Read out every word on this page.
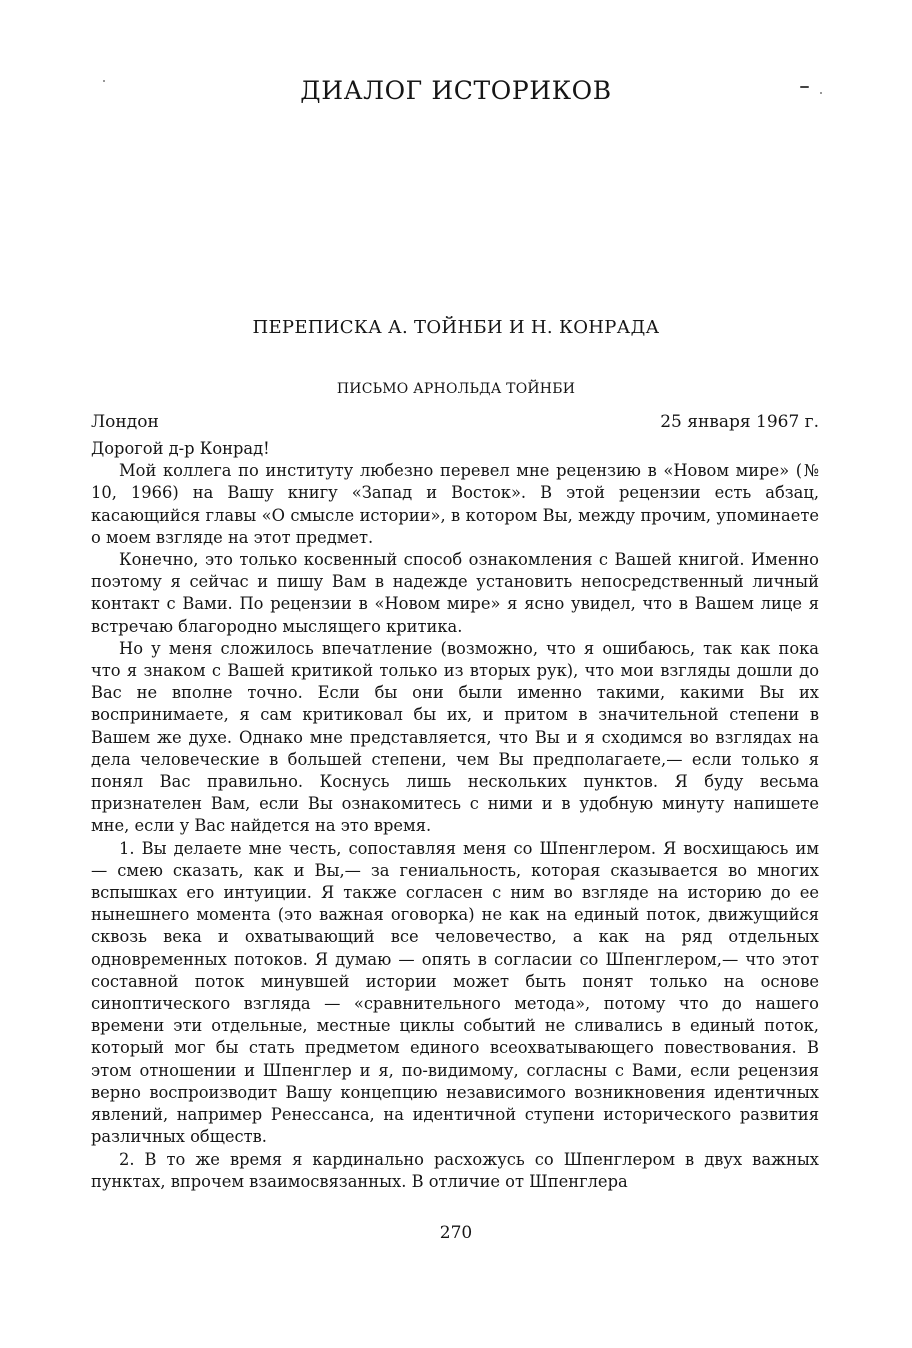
ДИАЛОГ ИСТОРИКОВ
ПЕРЕПИСКА А. ТОЙНБИ И Н. КОНРАДА
ПИСЬМО АРНОЛЬДА ТОЙНБИ
Лондон	25 января 1967 г.

Дорогой д-р Конрад!

Мой коллега по институту любезно перевел мне рецензию в «Новом мире» (№ 10, 1966) на Вашу книгу «Запад и Восток». В этой рецензии есть абзац, касающийся главы «О смысле истории», в котором Вы, между прочим, упоминаете о моем взгляде на этот предмет.

Конечно, это только косвенный способ ознакомления с Вашей книгой. Именно поэтому я сейчас и пишу Вам в надежде установить непосредственный личный контакт с Вами. По рецензии в «Новом мире» я ясно увидел, что в Вашем лице я встречаю благородно мыслящего критика.

Но у меня сложилось впечатление (возможно, что я ошибаюсь, так как пока что я знаком с Вашей критикой только из вторых рук), что мои взгляды дошли до Вас не вполне точно. Если бы они были именно такими, какими Вы их воспринимаете, я сам критиковал бы их, и притом в значительной степени в Вашем же духе. Однако мне представляется, что Вы и я сходимся во взглядах на дела человеческие в большей степени, чем Вы предполагаете,— если только я понял Вас правильно. Коснусь лишь нескольких пунктов. Я буду весьма признателен Вам, если Вы ознакомитесь с ними и в удобную минуту напишете мне, если у Вас найдется на это время.

1. Вы делаете мне честь, сопоставляя меня со Шпенглером. Я восхищаюсь им — смею сказать, как и Вы,— за гениальность, которая сказывается во многих вспышках его интуиции. Я также согласен с ним во взгляде на историю до ее нынешнего момента (это важная оговорка) не как на единый поток, движущийся сквозь века и охватывающий все человечество, а как на ряд отдельных одновременных потоков. Я думаю — опять в согласии со Шпенглером,— что этот составной поток минувшей истории может быть понят только на основе синоптического взгляда — «сравнительного метода», потому что до нашего времени эти отдельные, местные циклы событий не сливались в единый поток, который мог бы стать предметом единого всеохватывающего повествования. В этом отношении и Шпенглер и я, по-видимому, согласны с Вами, если рецензия верно воспроизводит Вашу концепцию независимого возникновения идентичных явлений, например Ренессанса, на идентичной ступени исторического развития различных обществ.

2. В то же время я кардинально расхожусь со Шпенглером в двух важных пунктах, впрочем взаимосвязанных. В отличие от Шпенглера

270
